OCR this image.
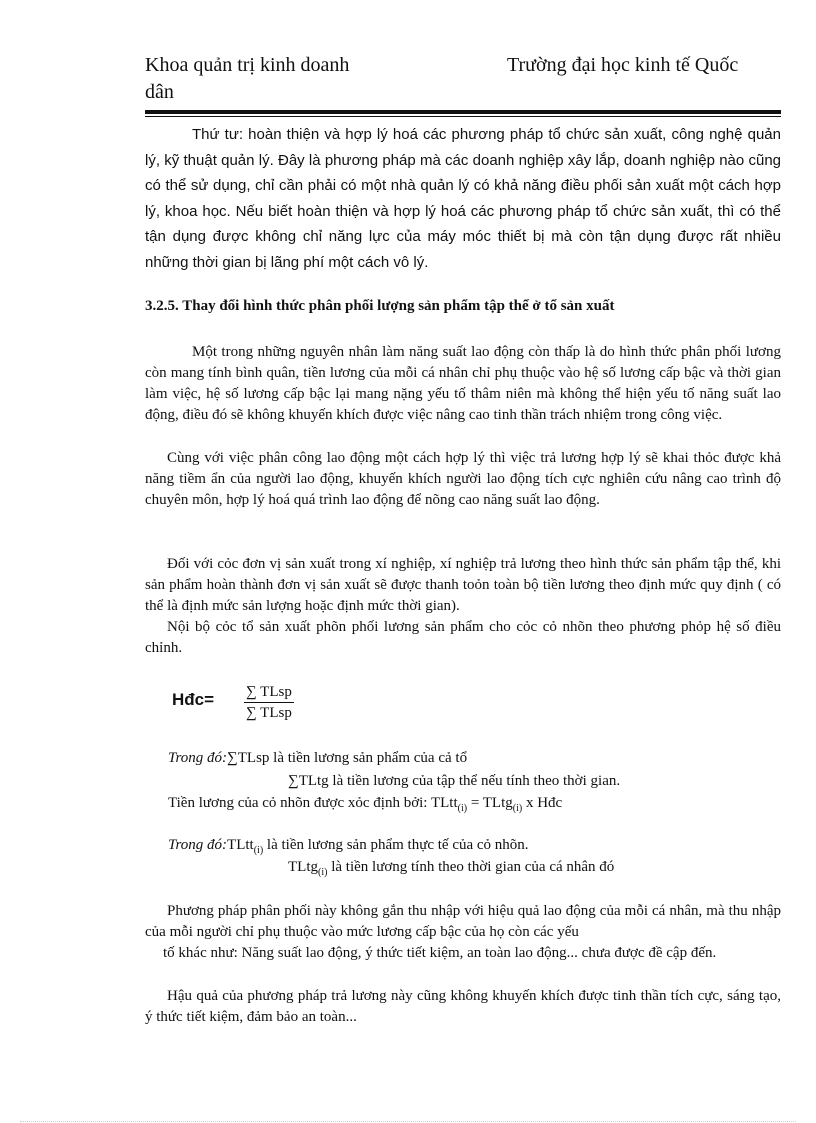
Khoa quản trị kinh doanh	Trường đại học kinh tế Quốc
dân
Thứ tư: hoàn thiện và hợp lý hoá các phương pháp tổ chức sản xuất, công nghệ quản lý, kỹ thuật quản lý. Đây là phương pháp mà các doanh nghiệp xây lắp, doanh nghiệp nào cũng có thể sử dụng, chỉ cần phải có một nhà quản lý có khả năng điều phối sản xuất một cách hợp lý, khoa học. Nếu biết hoàn thiện và hợp lý hoá các phương pháp tổ chức sản xuất, thì có thể tận dụng được không chỉ năng lực của máy móc thiết bị mà còn tận dụng được rất nhiều những thời gian bị lãng phí một cách vô lý.
3.2.5. Thay đổi hình thức phân phối lượng sản phẩm tập thể ở tổ sản xuất
Một trong những nguyên nhân làm năng suất lao động còn thấp là do hình thức phân phối lương còn mang tính bình quân, tiền lương của mỗi cá nhân chỉ phụ thuộc vào hệ số lương cấp bậc và thời gian làm việc, hệ số lương cấp bậc lại mang nặng yếu tố thâm niên mà không thể hiện yếu tố năng suất lao động, điều đó sẽ không khuyến khích được việc nâng cao tinh thần trách nhiệm trong công việc.
Cùng với việc phân công lao động một cách hợp lý thì việc trả lương hợp lý sẽ khai thỏc được khả năng tiềm ẩn của người lao động, khuyến khích người lao động tích cực nghiên cứu nâng cao trình độ chuyên môn, hợp lý hoá quá trình lao động để nõng cao năng suất lao động.
Đối với cỏc đơn vị sản xuất trong xí nghiệp, xí nghiệp trả lương theo hình thức sản phẩm tập thể, khi sản phẩm hoàn thành đơn vị sản xuất sẽ được thanh toỏn toàn bộ tiền lương theo định mức quy định ( có thể là định mức sản lượng hoặc định mức thời gian).
Nội bộ cỏc tổ sản xuất phõn phối lương sản phẩm cho cỏc cỏ nhõn theo phương phỏp hệ số điều chỉnh.
Hđc= ∑ TLsp
∑ TLsp
Trong đó:∑TLsp là tiền lương sản phẩm của cả tổ
∑TLtg là tiền lương của tập thể nếu tính theo thời gian.
Tiền lương của cỏ nhõn được xỏc định bởi: TLtt$_{(i)}$ = TLtg$_{(i)}$ x Hđc
Trong đó:TLtt$_{(i)}$ là tiền lương sản phẩm thực tế của cỏ nhõn.
TLtg$_{(i)}$ là tiền lương tính theo thời gian của cá nhân đó
Phương pháp phân phối này không gắn thu nhập với hiệu quả lao động của mỗi cá nhân, mà thu nhập của mỗi người chỉ phụ thuộc vào mức lương cấp bậc của họ còn các yếu
tố khác như: Năng suất lao động, ý thức tiết kiệm, an toàn lao động... chưa được đề cập đến.
Hậu quả của phương pháp trả lương này cũng không khuyến khích được tinh thần tích cực, sáng tạo, ý thức tiết kiệm, đảm bảo an toàn...
